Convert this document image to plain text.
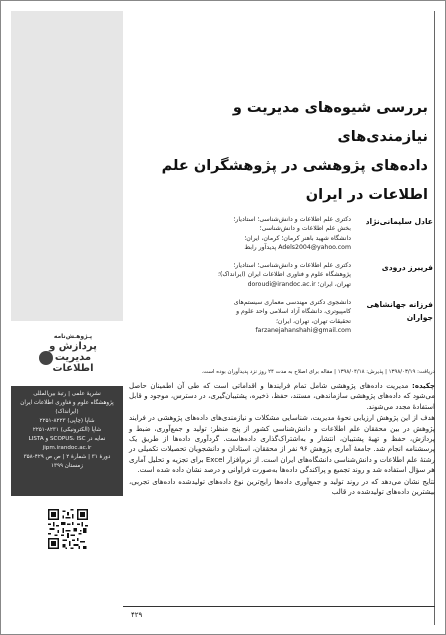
پـژوهـش‌نامه
پردازش و
مدیریت
اطلاعات
نشریهٔ علمی | رتبهٔ بین‌المللی
پژوهشگاه علوم و فناوری اطلاعات ایران
(ایرانداک)
شاپا (چاپی) ۸۲۲۳-۲۲۵۱
شاپا (الکترونیکی) ۸۲۳۱-۲۲۵۱
نمایه در SCOPUS، ISC و LISTA
jipm.irandoc.ac.ir
دورهٔ ۳۱ | شمارهٔ ۲ | ص ص ۴۲۹-۳۵۸
زمستان ۱۳۹۹
بررسی شیوه‌های مدیریت و نیازمندی‌های
داده‌های پژوهشی در پژوهشگران علم
اطلاعات در ایران
عادل سلیمانی‌نژاد
دکتری علم اطلاعات و دانش‌شناسی؛ استادیار؛
بخش علم اطلاعات و دانش‌شناسی؛
دانشگاه شهید باهنر کرمان؛ کرمان، ایران؛
Adels2004@yahoo.com پدیدآور رابط
فریبرز درودی
دکتری علم اطلاعات و دانش‌شناسی؛ استادیار؛
پژوهشگاه علوم و فناوری اطلاعات ایران (ایرانداک)؛
تهران، ایران؛ doroudi@irandoc.ac.ir
فرزانه جهانشاهی جواران
دانشجوی دکتری مهندسی معماری سیستم‌های
کامپیوتری، دانشگاه آزاد اسلامی واحد علوم و
تحقیقات تهران، تهران، ایران؛
farzanejahanshahi@gmail.com
دریافت: ۱۳۹۸/۰۳/۱۹ | پذیرش: ۱۳۹۸/۰۴/۱۸ | مقاله برای اصلاح به مدت ۲۴ روز نزد پدیدآوران بوده است.

چکیده: مدیریت داده‌های پژوهشی شامل تمام فرایندها و اقداماتی است که طی آن اطمینان حاصل می‌شود که داده‌های پژوهشی سازماندهی، مستند، حفظ، ذخیره، پشتیبان‌گیری، در دسترس، موجود و قابل استفادهٔ مجدد می‌شوند.

هدف از این پژوهش ارزیابی نحوهٔ مدیریت، شناسایی مشکلات و نیازمندی‌های داده‌های پژوهشی در فرایند پژوهش در بین محققان علم اطلاعات و دانش‌شناسی کشور از پنج منظر: تولید و جمع‌آوری، ضبط و پردازش، حفظ و تهیهٔ پشتیبان، انتشار و به‌اشتراک‌گذاری داده‌هاست. گردآوری داده‌ها از طریق یک پرسشنامه انجام شد. جامعهٔ آماری پژوهش ۹۶ نفر از محققان، استادان و دانشجویان تحصیلات تکمیلی در رشتهٔ علم اطلاعات و دانش‌شناسی دانشگاه‌های ایران است. از نرم‌افزار Excel برای تجزیه و تحلیل آماری هر سؤال استفاده شد و روند تجمیع و پراکندگی داده‌ها به‌صورت فراوانی و درصد نشان داده شده است.

نتایج نشان می‌دهد که در روند تولید و جمع‌آوری داده‌ها رایج‌ترین نوع داده‌های تولیدشده داده‌های تجربی، بیشترین داده‌های تولیدشده در قالب

۴۲۹
